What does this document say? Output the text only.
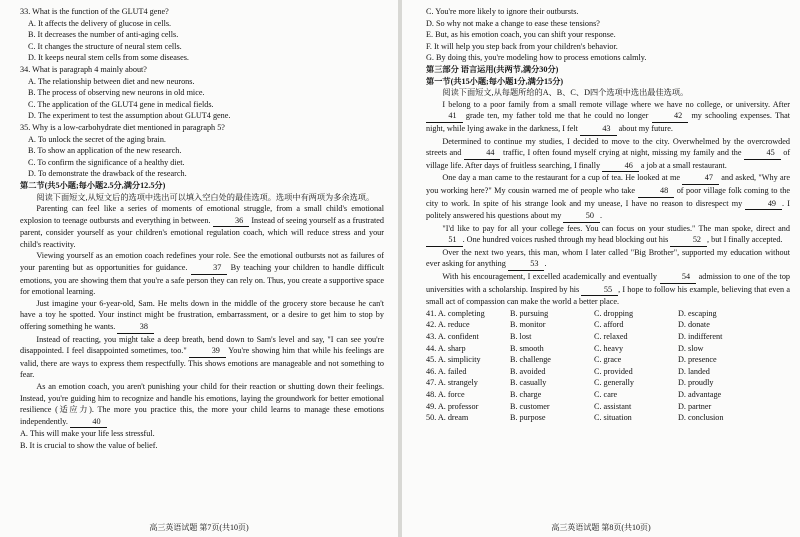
33. What is the function of the GLUT4 gene?

A. It affects the delivery of glucose in cells.

B. It decreases the number of anti-aging cells.

C. It changes the structure of neural stem cells.

D. It keeps neural stem cells from some diseases.

34. What is paragraph 4 mainly about?

A. The relationship between diet and new neurons.

B. The process of observing new neurons in old mice.

C. The application of the GLUT4 gene in medical fields.

D. The experiment to test the assumption about GLUT4 gene.

35. Why is a low-carbohydrate diet mentioned in paragraph 5?

A. To unlock the secret of the aging brain.

B. To show an application of the new research.

C. To confirm the significance of a healthy diet.

D. To demonstrate the drawback of the research.

第二节(共5小题;每小题2.5分,满分12.5分)

阅读下面短文,从短文后的选项中选出可以填入空白处的最佳选项。选项中有两项为多余选项。

Parenting can feel like a series of moments of emotional struggle, from a small child's emotional explosion to teenage outbursts and everything in between.	36 Instead of seeing yourself as a frustrated parent, consider yourself as your children's emotional regulation coach, which will reduce stress and your child's reactivity.

Viewing yourself as an emotion coach redefines your role. See the emotional outbursts not as failures of your parenting but as opportunities for guidance.	37 By teaching your children to handle difficult emotions, you are showing them that you're a safe person they can rely on. Thus, you create a supportive space for emotional learning.

Just imagine your 6-year-old, Sam. He melts down in the middle of the grocery store because he can't have a toy he spotted. Your instinct might be frustration, embarrassment, or a desire to get him to stop by offering something he wants.	38

Instead of reacting, you might take a deep breath, bend down to Sam's level and say, "I can see you're disappointed. I feel disappointed sometimes, too."	39 You're showing him that while his feelings are valid, there are ways to express them respectfully. This shows emotions are manageable and not something to fear.

As an emotion coach, you aren't punishing your child for their reaction or shutting down their feelings. Instead, you're guiding him to recognize and handle his emotions, laying the groundwork for better emotional resilience (适应力). The more you practice this, the more your child learns to manage these emotions independently.	40

A. This will make your life less stressful.

B. It is crucial to show the value of belief.

高三英语试题 第7页(共10页)

C. You're more likely to ignore their outbursts.

D. So why not make a change to ease these tensions?

E. But, as his emotion coach, you can shift your response.

F. It will help you step back from your children's behavior.

G. By doing this, you're modeling how to process emotions calmly.

第三部分 语言运用(共两节,满分30分)

第一节(共15小题;每小题1分,满分15分)

阅读下面短文,从每题所给的A、B、C、D四个选项中选出最佳选项。

I belong to a poor family from a small remote village where we have no college, or university. After 41 grade ten, my father told me that he could no longer	42 my schooling expenses. That night, while lying awake in the darkness, I felt	43 about my future.

Determined to continue my studies, I decided to move to the city. Overwhelmed by the overcrowded streets and	44 traffic, I often found myself crying at night, missing my family and the	45 of village life. After days of fruitless searching, I finally	46 a job at a small restaurant.

One day a man came to the restaurant for a cup of tea. He looked at me	47 and asked, "Why are you working here?" My cousin warned me of people who take	48 of poor village folk coming to the city to work. In spite of his strange look and my unease, I have no reason to disrespect my	49 . I politely answered his questions about my	50 .

"I'd like to pay for all your college fees. You can focus on your studies." The man spoke, direct and 51 . One hundred voices rushed through my head blocking out his	52 , but I finally accepted.

Over the next two years, this man, whom I later called "Big Brother", supported my education without ever asking for anything	53 .

With his encouragement, I excelled academically and eventually	54 admission to one of the top universities with a scholarship. Inspired by his	55 , I hope to follow his example, believing that even a small act of compassion can make the world a better place.

41. A. completing	B. pursuing	C. dropping	D. escaping
42. A. reduce	B. monitor	C. afford	D. donate
43. A. confident	B. lost	C. relaxed	D. indifferent
44. A. sharp	B. smooth	C. heavy	D. slow
45. A. simplicity	B. challenge	C. grace	D. presence
46. A. failed	B. avoided	C. provided	D. landed
47. A. strangely	B. casually	C. generally	D. proudly
48. A. force	B. charge	C. care	D. advantage
49. A. professor	B. customer	C. assistant	D. partner
50. A. dream	B. purpose	C. situation	D. conclusion
高三英语试题 第8页(共10页)
